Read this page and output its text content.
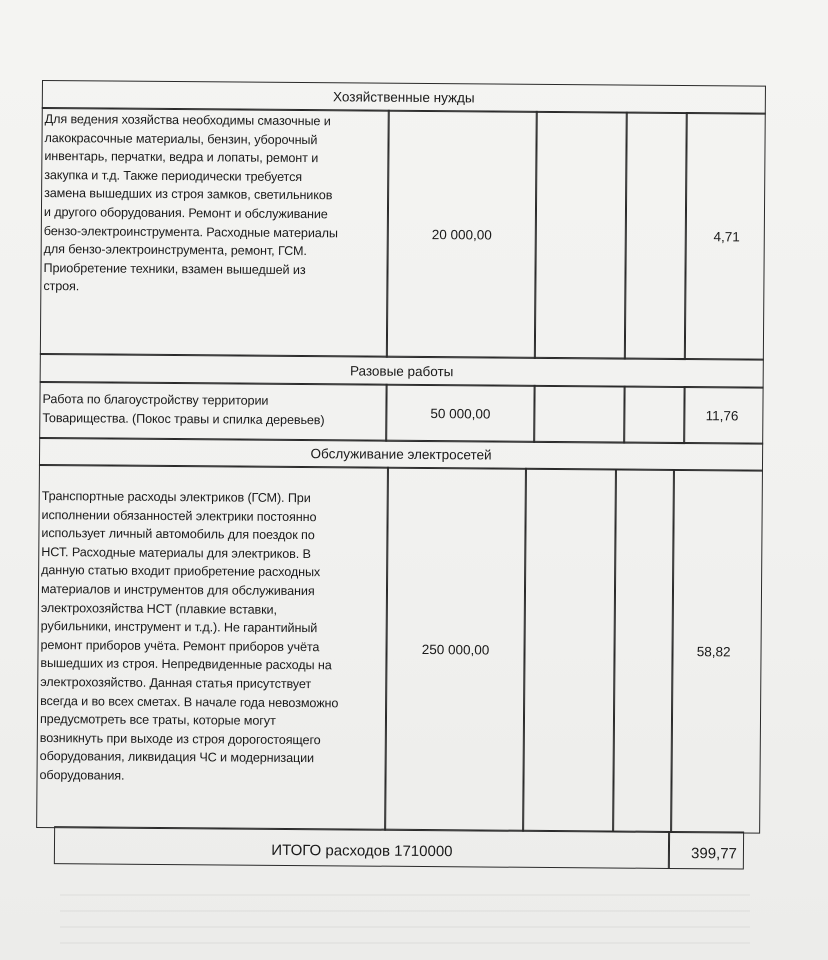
Хозяйственные нужды
Для ведения хозяйства необходимы смазочные и
лакокрасочные материалы, бензин, уборочный
инвентарь, перчатки, ведра и лопаты, ремонт и
закупка и т.д. Также периодически требуется
замена вышедших из строя замков, светильников
и другого оборудования. Ремонт и обслуживание
бензо-электроинструмента. Расходные материалы
для бензо-электроинструмента, ремонт, ГСМ.
Приобретение техники, взамен вышедшей из
строя.
20 000,00	4,71
Разовые работы
Работа по благоустройству территории
Товарищества. (Покос травы и спилка деревьев)	50 000,00	11,76
Обслуживание электросетей
Транспортные расходы электриков (ГСМ). При
исполнении обязанностей электрики постоянно
использует личный автомобиль для поездок по
НСТ. Расходные материалы для электриков. В
данную статью входит приобретение расходных
материалов и инструментов для обслуживания
электрохозяйства НСТ (плавкие вставки,
рубильники, инструмент и т.д.). Не гарантийный
ремонт приборов учёта. Ремонт приборов учёта
вышедших из строя. Непредвиденные расходы на
электрохозяйство. Данная статья присутствует
всегда и во всех сметах. В начале года невозможно
предусмотреть все траты, которые могут
возникнуть при выходе из строя дорогостоящего
оборудования, ликвидация ЧС и модернизации
оборудования.
250 000,00	58,82
ИТОГО расходов 1710000	399,77
